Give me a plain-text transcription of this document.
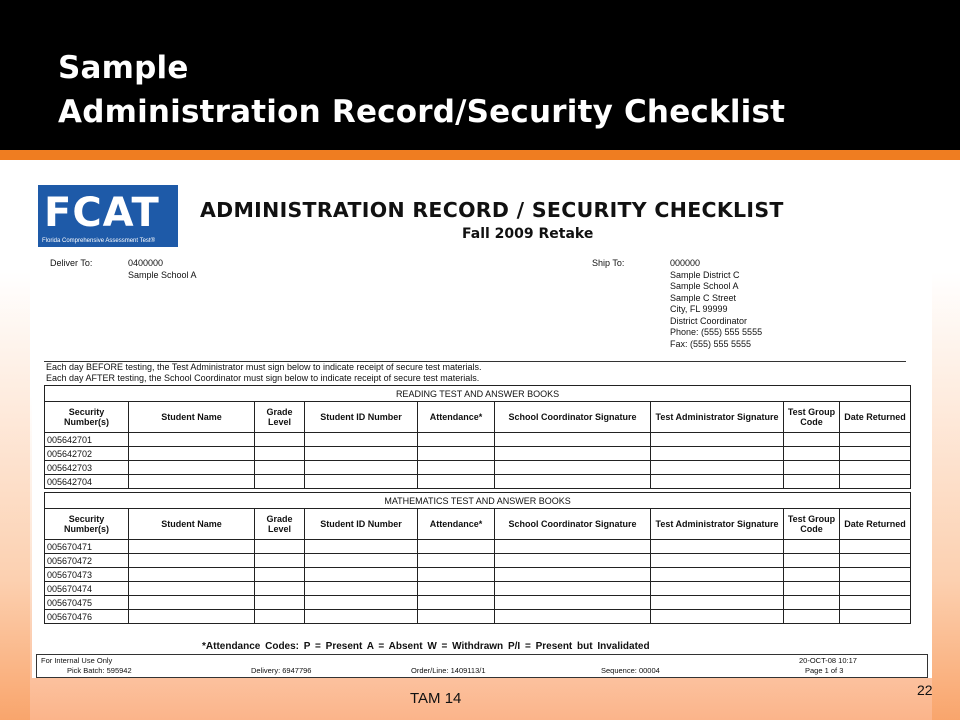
Sample
Administration Record/Security Checklist
FCAT
Florida Comprehensive Assessment Test®
ADMINISTRATION RECORD / SECURITY CHECKLIST
Fall 2009 Retake
Deliver To:	0400000
Sample School A
Ship To:	000000
Sample District C
Sample School A
Sample C Street
City, FL 99999
District Coordinator
Phone: (555) 555 5555
Fax: (555) 555 5555
Each day BEFORE testing, the Test Administrator must sign below to indicate receipt of secure test materials.
Each day AFTER testing, the School Coordinator must sign below to indicate receipt of secure test materials.
READING TEST AND ANSWER BOOKS								
Security Number(s)	Student Name	Grade Level	Student ID Number	Attendance*	School Coordinator Signature	Test Administrator Signature	Test Group Code	Date Returned
005642701								
005642702								
005642703								
005642704								
MATHEMATICS TEST AND ANSWER BOOKS								
Security Number(s)	Student Name	Grade Level	Student ID Number	Attendance*	School Coordinator Signature	Test Administrator Signature	Test Group Code	Date Returned
005670471								
005670472								
005670473								
005670474								
005670475								
005670476								
*Attendance Codes: P = Present A = Absent W = Withdrawn P/I = Present but Invalidated
For Internal Use Only	20-OCT-08 10:17
Pick Batch: 595942	Delivery: 6947796	Order/Line: 1409113/1	Sequence: 00004	Page 1 of 3
TAM 14	22
